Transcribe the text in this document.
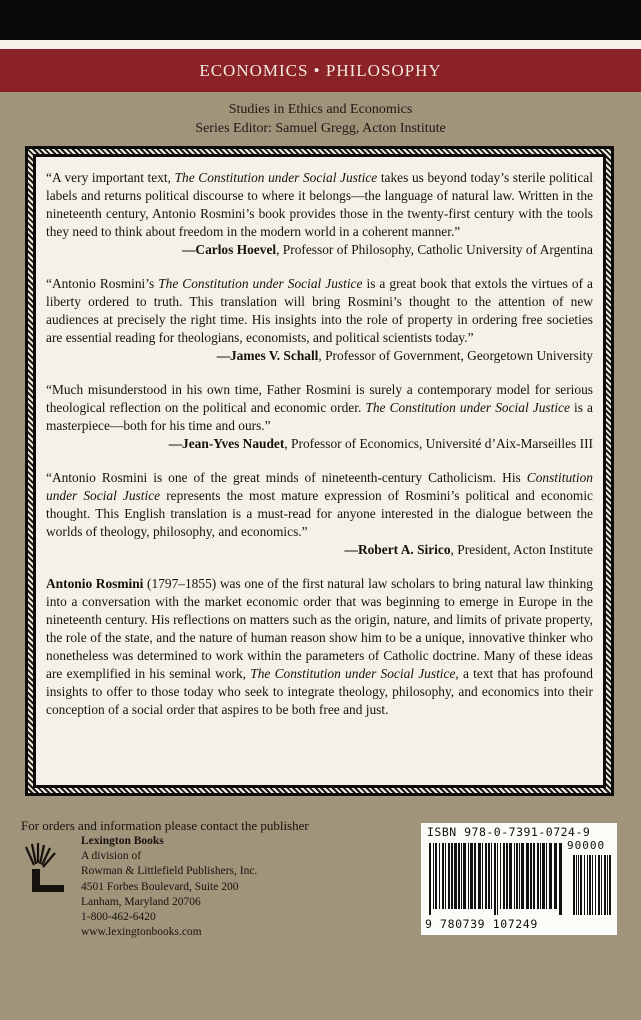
ECONOMICS • PHILOSOPHY
Studies in Ethics and Economics
Series Editor: Samuel Gregg, Acton Institute

“A very important text, The Constitution under Social Justice takes us beyond today’s sterile political labels and returns political discourse to where it belongs—the language of natural law. Written in the nineteenth century, Antonio Rosmini’s book provides those in the twenty-first century with the tools they need to think about freedom in the modern world in a coherent manner.”

—Carlos Hoevel, Professor of Philosophy, Catholic University of Argentina

“Antonio Rosmini’s The Constitution under Social Justice is a great book that extols the virtues of a liberty ordered to truth. This translation will bring Rosmini’s thought to the attention of new audiences at precisely the right time. His insights into the role of property in ordering free societies are essential reading for theologians, economists, and political scientists today.”

—James V. Schall, Professor of Government, Georgetown University

“Much misunderstood in his own time, Father Rosmini is surely a contemporary model for serious theological reflection on the political and economic order. The Constitution under Social Justice is a masterpiece—both for his time and ours.”

—Jean-Yves Naudet, Professor of Economics, Université d’Aix-Marseilles III

“Antonio Rosmini is one of the great minds of nineteenth-century Catholicism. His Constitution under Social Justice represents the most mature expression of Rosmini’s political and economic thought. This English translation is a must-read for anyone interested in the dialogue between the worlds of theology, philosophy, and economics.”

—Robert A. Sirico, President, Acton Institute

Antonio Rosmini (1797–1855) was one of the first natural law scholars to bring natural law thinking into a conversation with the market economic order that was beginning to emerge in Europe in the nineteenth century. His reflections on matters such as the origin, nature, and limits of private property, the role of the state, and the nature of human reason show him to be a unique, innovative thinker who nonetheless was determined to work within the parameters of Catholic doctrine. Many of these ideas are exemplified in his seminal work, The Constitution under Social Justice, a text that has profound insights to offer to those today who seek to integrate theology, philosophy, and economics into their conception of a social order that aspires to be both free and just.

For orders and information please contact the publisher
Lexington Books
A division of
Rowman & Littlefield Publishers, Inc.
4501 Forbes Boulevard, Suite 200
Lanham, Maryland 20706
1-800-462-6420
www.lexingtonbooks.com
ISBN 978-0-7391-0724-9
90000
9 780739 107249
